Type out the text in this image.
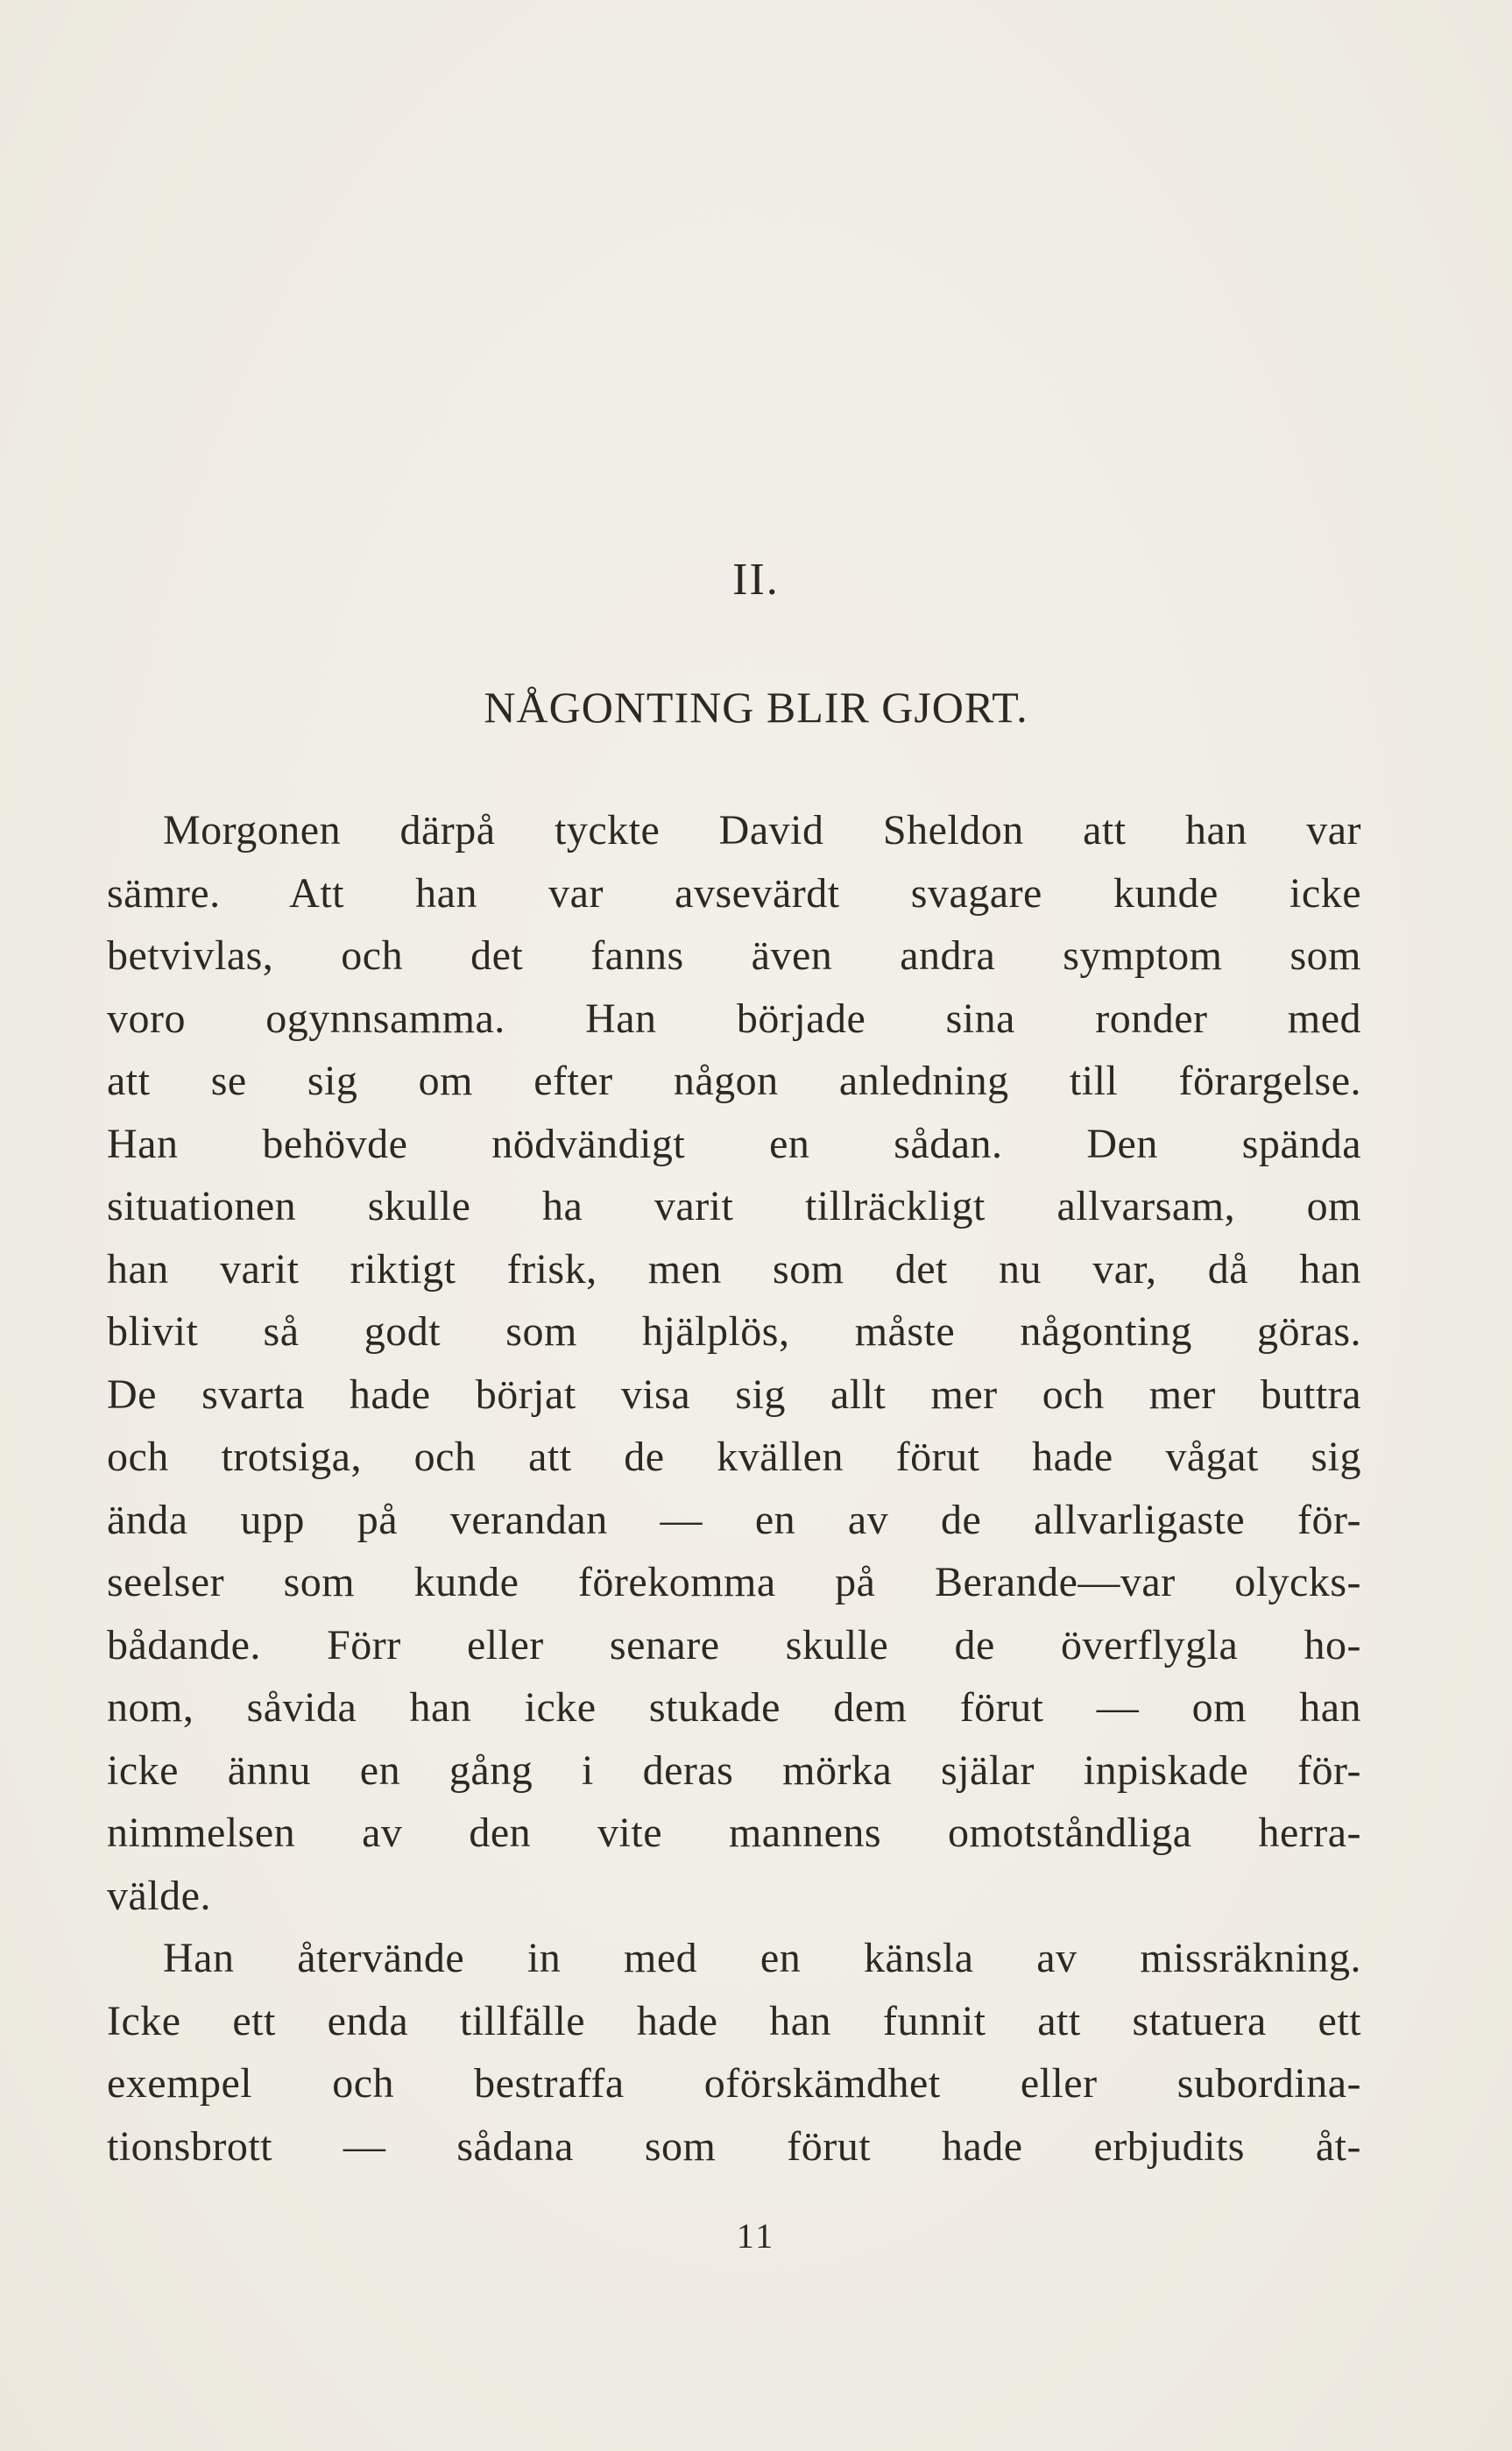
II.
NÅGONTING BLIR GJORT.
Morgonen därpå tyckte David Sheldon att han var
sämre. Att han var avsevärdt svagare kunde icke
betvivlas, och det fanns även andra symptom som
voro ogynnsamma. Han började sina ronder med
att se sig om efter någon anledning till förargelse.
Han behövde nödvändigt en sådan. Den spända
situationen skulle ha varit tillräckligt allvarsam, om
han varit riktigt frisk, men som det nu var, då han
blivit så godt som hjälplös, måste någonting göras.
De svarta hade börjat visa sig allt mer och mer buttra
och trotsiga, och att de kvällen förut hade vågat sig
ända upp på verandan — en av de allvarligaste för-
seelser som kunde förekomma på Berande—var olycks-
bådande. Förr eller senare skulle de överflygla ho-
nom, såvida han icke stukade dem förut — om han
icke ännu en gång i deras mörka själar inpiskade för-
nimmelsen av den vite mannens omotståndliga herra-
välde.
Han återvände in med en känsla av missräkning.
Icke ett enda tillfälle hade han funnit att statuera ett
exempel och bestraffa oförskämdhet eller subordina-
tionsbrott — sådana som förut hade erbjudits åt-
11
